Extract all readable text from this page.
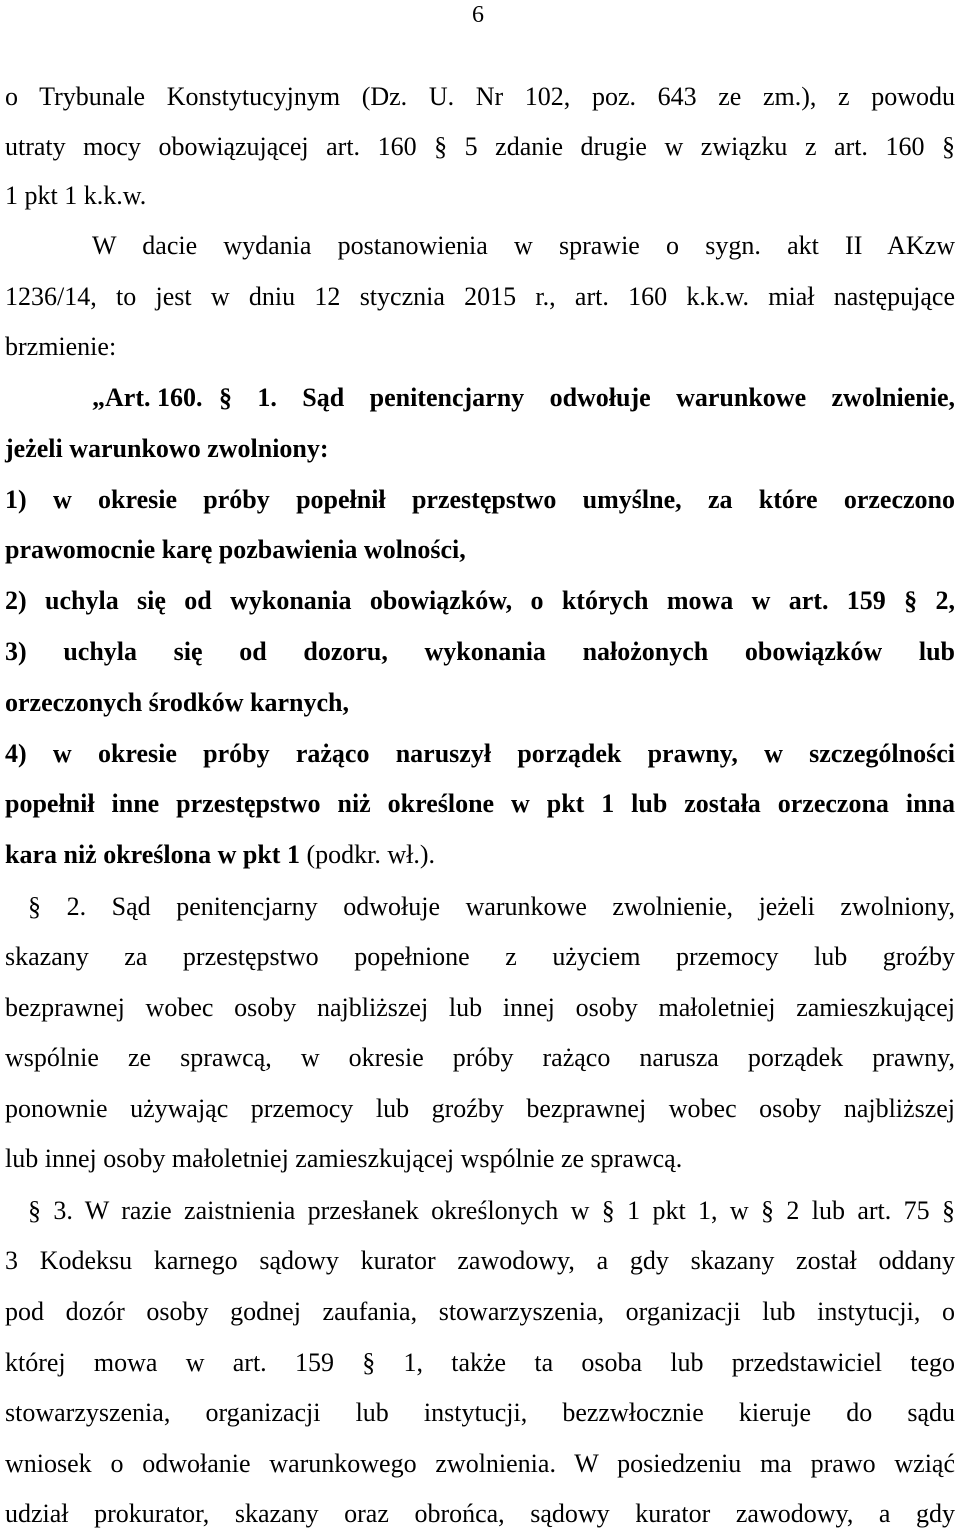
6
o Trybunale Konstytucyjnym (Dz. U. Nr 102, poz. 643 ze zm.), z powodu
utraty mocy obowiązującej art. 160 § 5 zdanie drugie w związku z art. 160 §
1 pkt 1 k.k.w.
W dacie wydania postanowienia w sprawie o sygn. akt II AKzw
1236/14, to jest w dniu 12 stycznia 2015 r., art. 160 k.k.w. miał następujące
brzmienie:
„Art. 160. § 1. Sąd penitencjarny odwołuje warunkowe zwolnienie,
jeżeli warunkowo zwolniony:
1) w okresie próby popełnił przestępstwo umyślne, za które orzeczono
prawomocnie karę pozbawienia wolności,
2) uchyla się od wykonania obowiązków, o których mowa w art. 159 § 2,
3) uchyla się od dozoru, wykonania nałożonych obowiązków lub
orzeczonych środków karnych,
4) w okresie próby rażąco naruszył porządek prawny, w szczególności
popełnił inne przestępstwo niż określone w pkt 1 lub została orzeczona inna
kara niż określona w pkt 1 (podkr. wł.).
§ 2. Sąd penitencjarny odwołuje warunkowe zwolnienie, jeżeli zwolniony,
skazany za przestępstwo popełnione z użyciem przemocy lub groźby
bezprawnej wobec osoby najbliższej lub innej osoby małoletniej zamieszkującej
wspólnie ze sprawcą, w okresie próby rażąco narusza porządek prawny,
ponownie używając przemocy lub groźby bezprawnej wobec osoby najbliższej
lub innej osoby małoletniej zamieszkującej wspólnie ze sprawcą.
§ 3. W razie zaistnienia przesłanek określonych w § 1 pkt 1, w § 2 lub art. 75 §
3 Kodeksu karnego sądowy kurator zawodowy, a gdy skazany został oddany
pod dozór osoby godnej zaufania, stowarzyszenia, organizacji lub instytucji, o
której mowa w art. 159 § 1, także ta osoba lub przedstawiciel tego
stowarzyszenia, organizacji lub instytucji, bezzwłocznie kieruje do sądu
wniosek o odwołanie warunkowego zwolnienia. W posiedzeniu ma prawo wziąć
udział prokurator, skazany oraz obrońca, sądowy kurator zawodowy, a gdy
